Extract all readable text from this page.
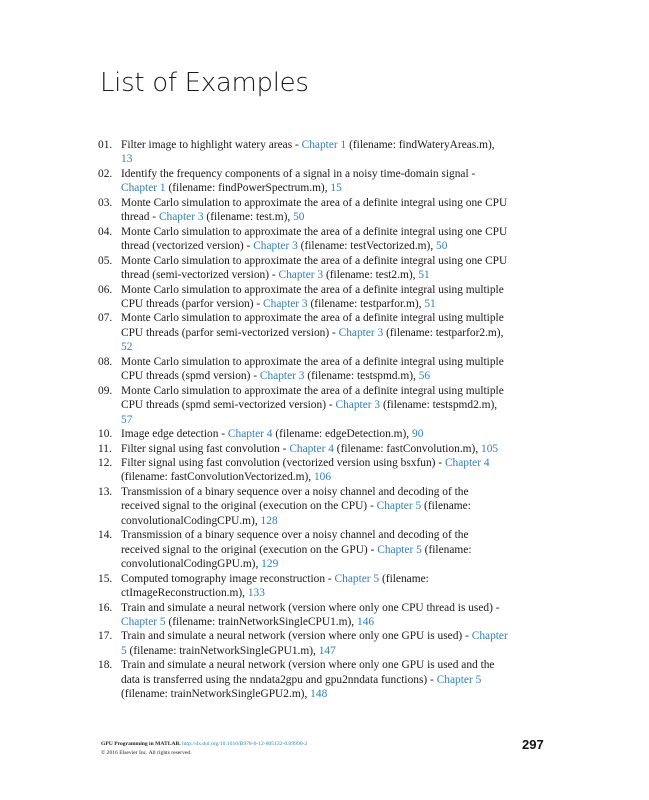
List of Examples
01. Filter image to highlight watery areas - Chapter 1 (filename: findWateryAreas.m), 13
02. Identify the frequency components of a signal in a noisy time-domain signal - Chapter 1 (filename: findPowerSpectrum.m), 15
03. Monte Carlo simulation to approximate the area of a definite integral using one CPU thread - Chapter 3 (filename: test.m), 50
04. Monte Carlo simulation to approximate the area of a definite integral using one CPU thread (vectorized version) - Chapter 3 (filename: testVectorized.m), 50
05. Monte Carlo simulation to approximate the area of a definite integral using one CPU thread (semi-vectorized version) - Chapter 3 (filename: test2.m), 51
06. Monte Carlo simulation to approximate the area of a definite integral using multiple CPU threads (parfor version) - Chapter 3 (filename: testparfor.m), 51
07. Monte Carlo simulation to approximate the area of a definite integral using multiple CPU threads (parfor semi-vectorized version) - Chapter 3 (filename: testparfor2.m), 52
08. Monte Carlo simulation to approximate the area of a definite integral using multiple CPU threads (spmd version) - Chapter 3 (filename: testspmd.m), 56
09. Monte Carlo simulation to approximate the area of a definite integral using multiple CPU threads (spmd semi-vectorized version) - Chapter 3 (filename: testspmd2.m), 57
10. Image edge detection - Chapter 4 (filename: edgeDetection.m), 90
11. Filter signal using fast convolution - Chapter 4 (filename: fastConvolution.m), 105
12. Filter signal using fast convolution (vectorized version using bsxfun) - Chapter 4 (filename: fastConvolutionVectorized.m), 106
13. Transmission of a binary sequence over a noisy channel and decoding of the received signal to the original (execution on the CPU) - Chapter 5 (filename: convolutionalCodingCPU.m), 128
14. Transmission of a binary sequence over a noisy channel and decoding of the received signal to the original (execution on the GPU) - Chapter 5 (filename: convolutionalCodingGPU.m), 129
15. Computed tomography image reconstruction - Chapter 5 (filename: ctImageReconstruction.m), 133
16. Train and simulate a neural network (version where only one CPU thread is used) - Chapter 5 (filename: trainNetworkSingleCPU1.m), 146
17. Train and simulate a neural network (version where only one GPU is used) - Chapter 5 (filename: trainNetworkSingleGPU1.m), 147
18. Train and simulate a neural network (version where only one GPU is used and the data is transferred using the nndata2gpu and gpu2nndata functions) - Chapter 5 (filename: trainNetworkSingleGPU2.m), 148
GPU Programming in MATLAB. http://dx.doi.org/10.1016/B978-0-12-805132-0.09990-2
© 2016 Elsevier Inc. All rights reserved.
297
